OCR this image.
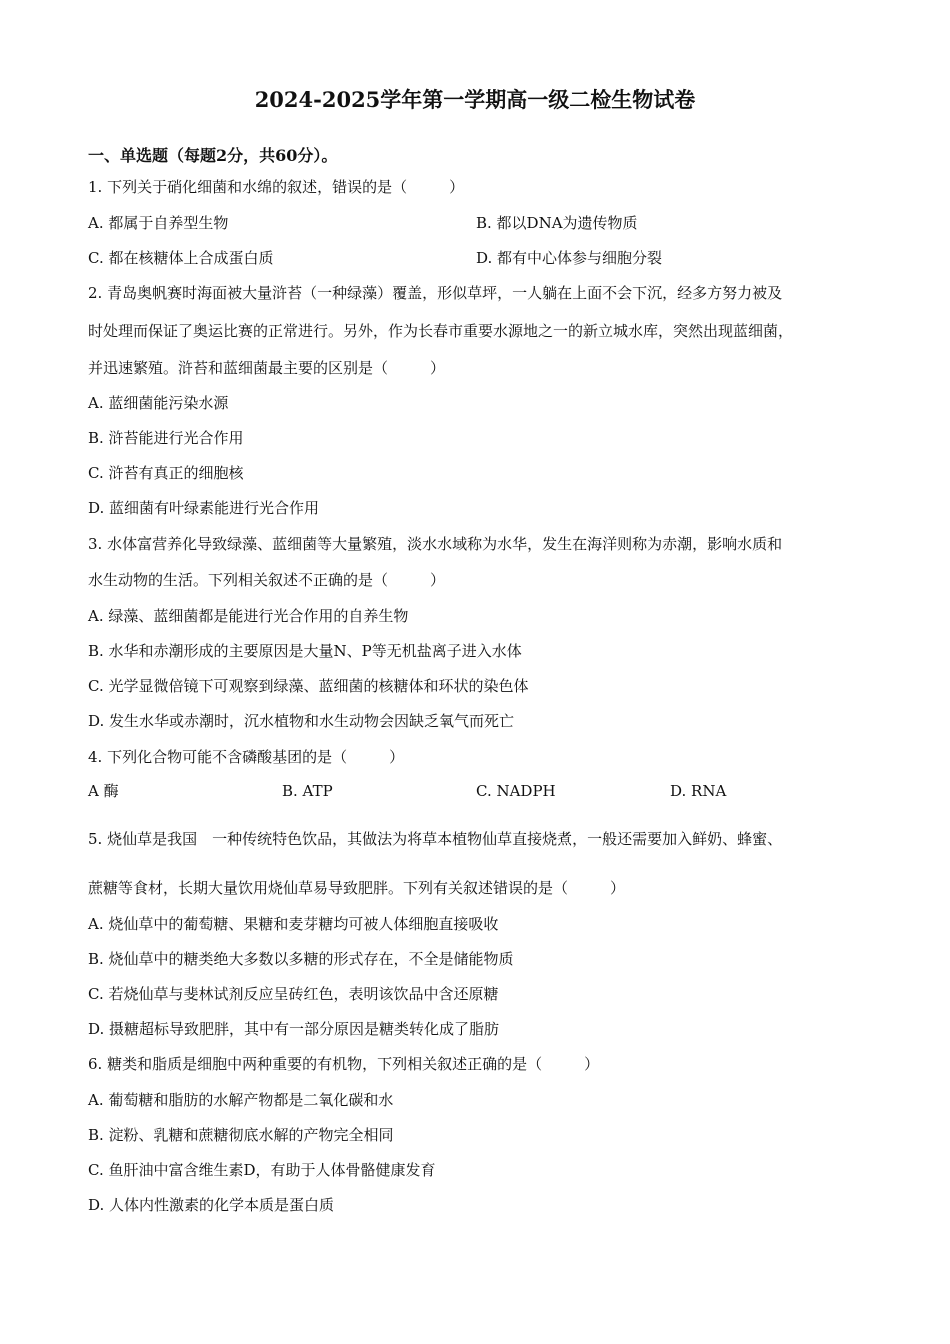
2024-2025学年第一学期高一级二检生物试卷
一、单选题（每题2分，共60分）。
1. 下列关于硝化细菌和水绵的叙述，错误的是（	）
A. 都属于自养型生物	B. 都以DNA为遗传物质
C. 都在核糖体上合成蛋白质	D. 都有中心体参与细胞分裂
2. 青岛奥帆赛时海面被大量浒苔（一种绿藻）覆盖，形似草坪，一人躺在上面不会下沉，经多方努力被及
时处理而保证了奥运比赛的正常进行。另外，作为长春市重要水源地之一的新立城水库，突然出现蓝细菌，
并迅速繁殖。浒苔和蓝细菌最主要的区别是（	）
A. 蓝细菌能污染水源
B. 浒苔能进行光合作用
C. 浒苔有真正的细胞核
D. 蓝细菌有叶绿素能进行光合作用
3. 水体富营养化导致绿藻、蓝细菌等大量繁殖，淡水水域称为水华，发生在海洋则称为赤潮，影响水质和
水生动物的生活。下列相关叙述不正确的是（	）
A. 绿藻、蓝细菌都是能进行光合作用的自养生物
B. 水华和赤潮形成的主要原因是大量N、P等无机盐离子进入水体
C. 光学显微倍镜下可观察到绿藻、蓝细菌的核糖体和环状的染色体
D. 发生水华或赤潮时，沉水植物和水生动物会因缺乏氧气而死亡
4. 下列化合物可能不含磷酸基团的是（	）
A 酶	B. ATP	C. NADPH	D. RNA
5. 烧仙草是我国　一种传统特色饮品，其做法为将草本植物仙草直接烧煮，一般还需要加入鲜奶、蜂蜜、
蔗糖等食材，长期大量饮用烧仙草易导致肥胖。下列有关叙述错误的是（	）
A. 烧仙草中的葡萄糖、果糖和麦芽糖均可被人体细胞直接吸收
B. 烧仙草中的糖类绝大多数以多糖的形式存在，不全是储能物质
C. 若烧仙草与斐林试剂反应呈砖红色，表明该饮品中含还原糖
D. 摄糖超标导致肥胖，其中有一部分原因是糖类转化成了脂肪
6. 糖类和脂质是细胞中两种重要的有机物，下列相关叙述正确的是（	）
A. 葡萄糖和脂肪的水解产物都是二氧化碳和水
B. 淀粉、乳糖和蔗糖彻底水解的产物完全相同
C. 鱼肝油中富含维生素D，有助于人体骨骼健康发育
D. 人体内性激素的化学本质是蛋白质
